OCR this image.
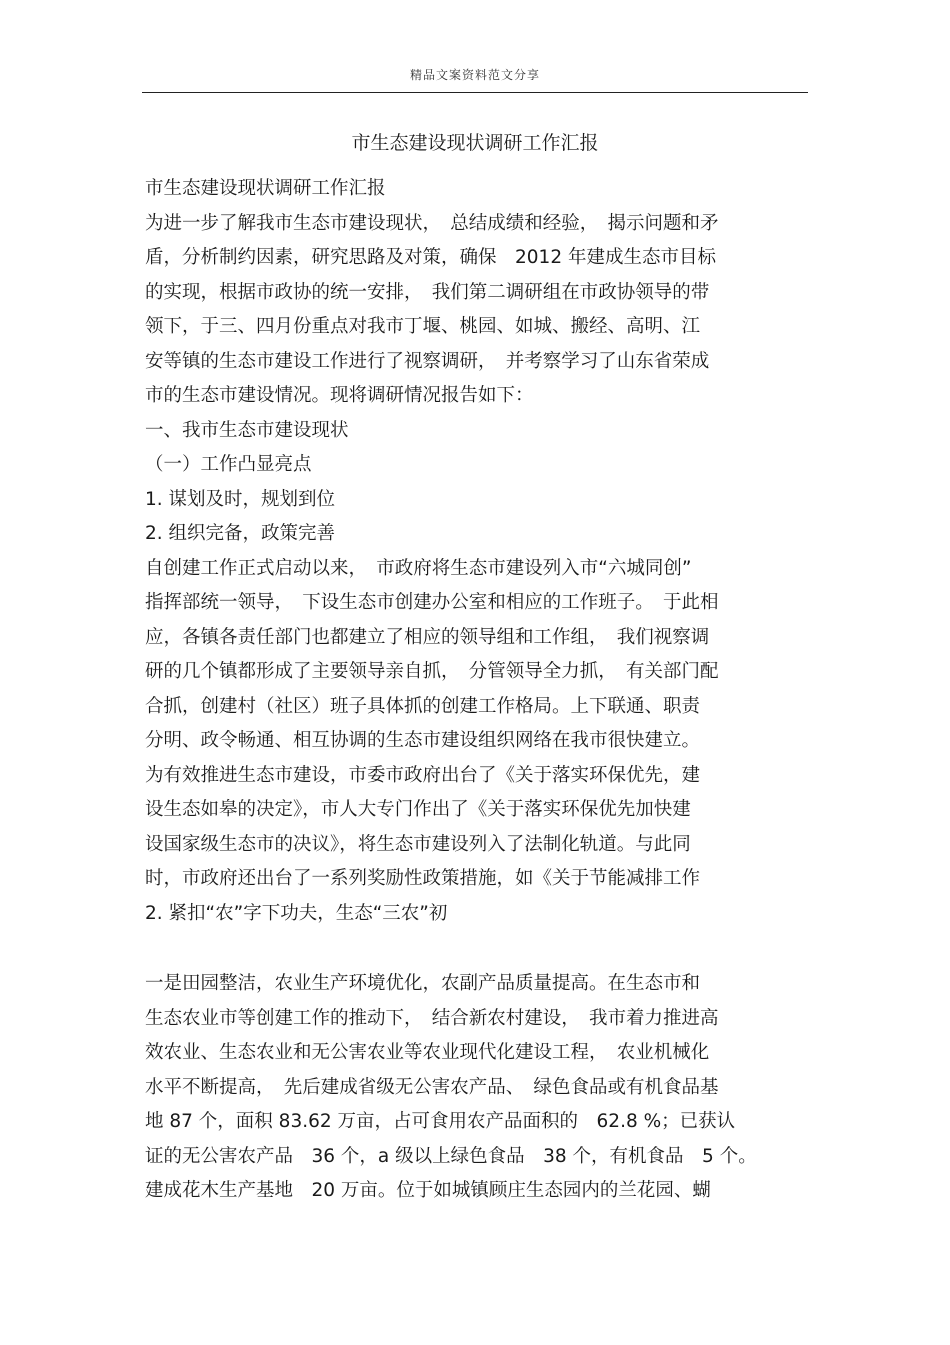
精品文案资料范文分享
市生态建设现状调研工作汇报
市生态建设现状调研工作汇报
为进一步了解我市生态市建设现状，　总结成绩和经验，　揭示问题和矛
盾，分析制约因素，研究思路及对策，确保　2012 年建成生态市目标
的实现，根据市政协的统一安排，　我们第二调研组在市政协领导的带
领下，于三、四月份重点对我市丁堰、桃园、如城、搬经、高明、江
安等镇的生态市建设工作进行了视察调研，　并考察学习了山东省荣成
市的生态市建设情况。现将调研情况报告如下：
一、我市生态市建设现状
（一）工作凸显亮点
1. 谋划及时，规划到位
2. 组织完备，政策完善
自创建工作正式启动以来，　市政府将生态市建设列入市“六城同创”
指挥部统一领导，　下设生态市创建办公室和相应的工作班子。　于此相
应，各镇各责任部门也都建立了相应的领导组和工作组，　我们视察调
研的几个镇都形成了主要领导亲自抓，　分管领导全力抓，　有关部门配
合抓，创建村（社区）班子具体抓的创建工作格局。上下联通、职责
分明、政令畅通、相互协调的生态市建设组织网络在我市很快建立。
为有效推进生态市建设，市委市政府出台了《关于落实环保优先，建
设生态如皋的决定》，市人大专门作出了《关于落实环保优先加快建
设国家级生态市的决议》，将生态市建设列入了法制化轨道。与此同
时，市政府还出台了一系列奖励性政策措施，如《关于节能减排工作
2. 紧扣“农”字下功夫，生态“三农”初
一是田园整洁，农业生产环境优化，农副产品质量提高。在生态市和
生态农业市等创建工作的推动下，　结合新农村建设，　我市着力推进高
效农业、生态农业和无公害农业等农业现代化建设工程，　农业机械化
水平不断提高，　先后建成省级无公害农产品、　绿色食品或有机食品基
地 87 个，面积 83.62 万亩，占可食用农产品面积的　62.8 %；已获认
证的无公害农产品　36 个，a 级以上绿色食品　38 个，有机食品　5 个。
建成花木生产基地　20 万亩。位于如城镇顾庄生态园内的兰花园、蝴
